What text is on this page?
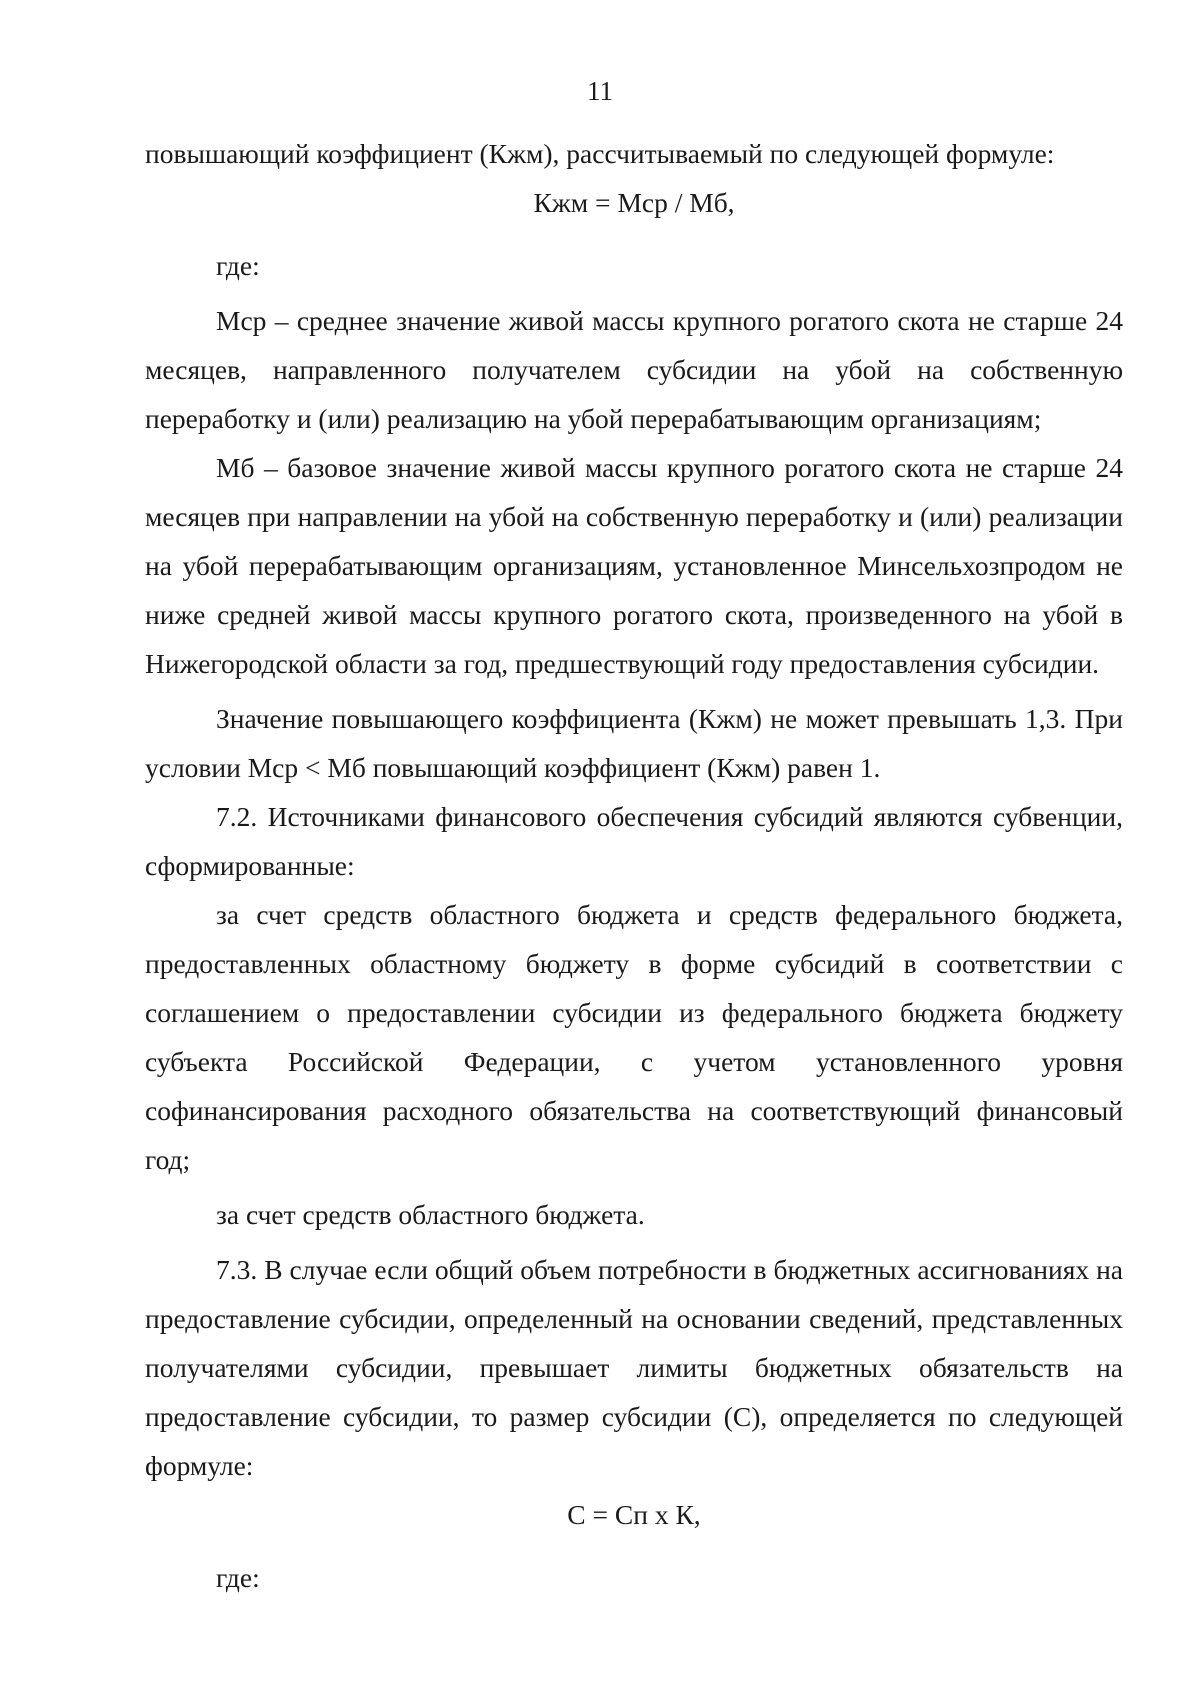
11

повышающий коэффициент (Кжм), рассчитываемый по следующей формуле:

Кжм = Мср / Мб,

где:

Мср – среднее значение живой массы крупного рогатого скота не старше 24 месяцев, направленного получателем субсидии на убой на собственную переработку и (или) реализацию на убой перерабатывающим организациям;

Мб – базовое значение живой массы крупного рогатого скота не старше 24 месяцев при направлении на убой на собственную переработку и (или) реализации на убой перерабатывающим организациям, установленное Минсельхозпродом не ниже средней живой массы крупного рогатого скота, произведенного на убой в Нижегородской области за год, предшествующий году предоставления субсидии.

Значение повышающего коэффициента (Кжм) не может превышать 1,3. При условии Мср < Мб повышающий коэффициент (Кжм) равен 1.

7.2. Источниками финансового обеспечения субсидий являются субвенции, сформированные:

за счет средств областного бюджета и средств федерального бюджета, предоставленных областному бюджету в форме субсидий в соответствии с соглашением о предоставлении субсидии из федерального бюджета бюджету субъекта Российской Федерации, с учетом установленного уровня софинансирования расходного обязательства на соответствующий финансовый год;

за счет средств областного бюджета.

7.3. В случае если общий объем потребности в бюджетных ассигнованиях на предоставление субсидии, определенный на основании сведений, представленных получателями субсидии, превышает лимиты бюджетных обязательств на предоставление субсидии, то размер субсидии (С), определяется по следующей формуле:

С = Сп х К,

где:
